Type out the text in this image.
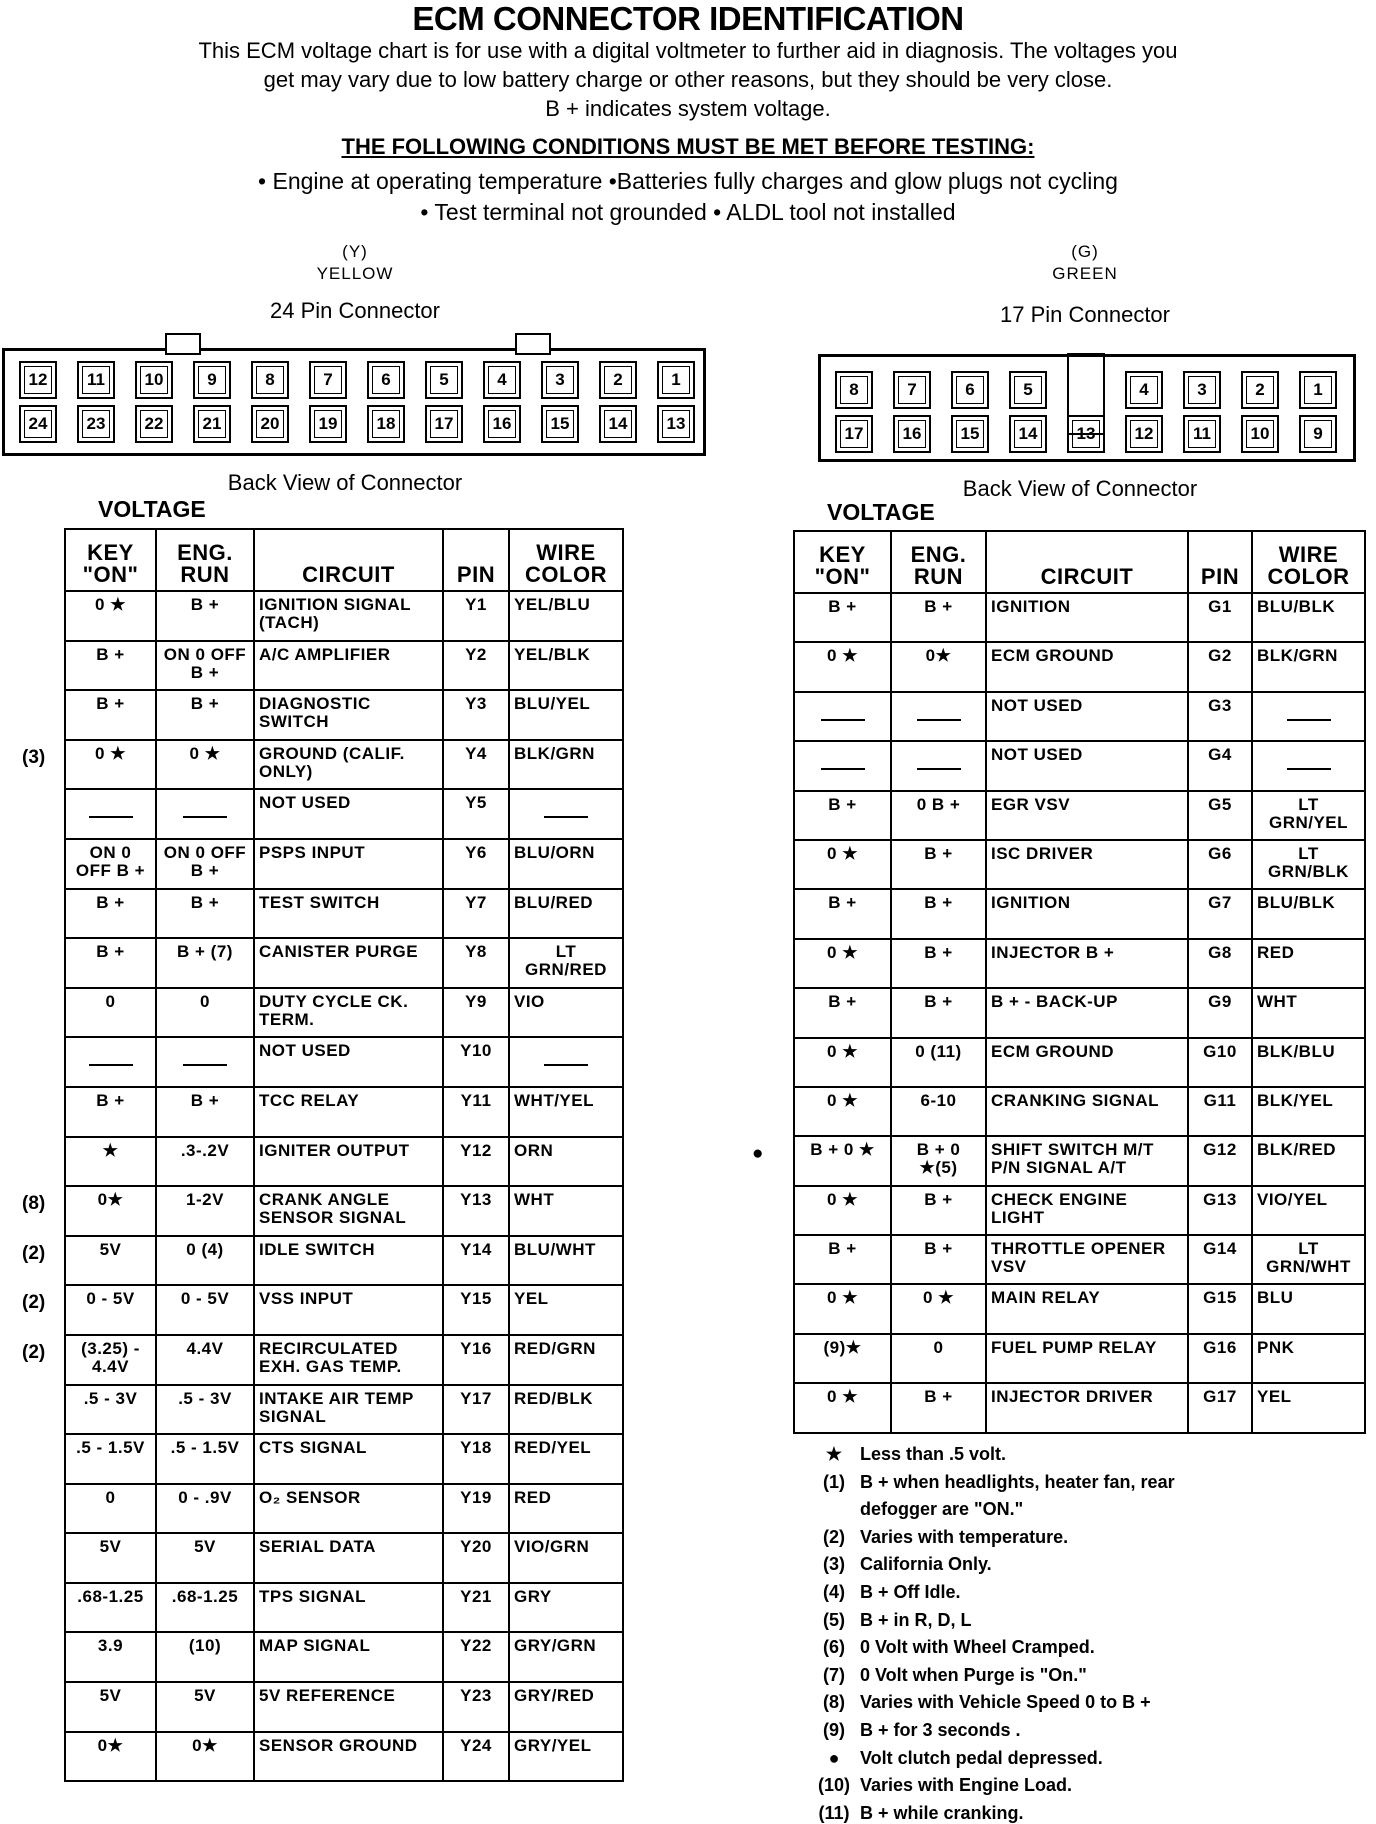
ECM CONNECTOR IDENTIFICATION
This ECM voltage chart is for use with a digital voltmeter to further aid in diagnosis. The voltages you
get may vary due to low battery charge or other reasons, but they should be very close.
B + indicates system voltage.
THE FOLLOWING CONDITIONS MUST BE MET BEFORE TESTING:
• Engine at operating temperature •Batteries fully charges and glow plugs not cycling
• Test terminal not grounded • ALDL tool not installed
(Y)
YELLOW
24 Pin Connector
12	11	10	9	8	7	6	5	4	3	2	1
24	23	22	21	20	19	18	17	16	15	14	13
Back View of Connector
VOLTAGE
(G)
GREEN
17 Pin Connector
8	7	6	5	4	3	2	1
17	16	15	14	13	12	11	10	9
Back View of Connector
VOLTAGE
KEY "ON"	ENG. RUN	CIRCUIT	PIN	WIRE COLOR
0 ★	B +	IGNITION SIGNAL (TACH)	Y1	YEL/BLU
B +	ON 0 OFF B +	A/C AMPLIFIER	Y2	YEL/BLK
B +	B +	DIAGNOSTIC SWITCH	Y3	BLU/YEL
0 ★	0 ★	GROUND (CALIF. ONLY)	Y4	BLK/GRN
		NOT USED	Y5	
ON 0 OFF B +	ON 0 OFF B +	PSPS INPUT	Y6	BLU/ORN
B +	B +	TEST SWITCH	Y7	BLU/RED
B +	B + (7)	CANISTER PURGE	Y8	LT GRN/RED
0	0	DUTY CYCLE CK. TERM.	Y9	VIO
		NOT USED	Y10	
B +	B +	TCC RELAY	Y11	WHT/YEL
★	.3-.2V	IGNITER OUTPUT	Y12	ORN
0★	1-2V	CRANK ANGLE SENSOR SIGNAL	Y13	WHT
5V	0 (4)	IDLE SWITCH	Y14	BLU/WHT
0 - 5V	0 - 5V	VSS INPUT	Y15	YEL
(3.25) - 4.4V	4.4V	RECIRCULATED EXH. GAS TEMP.	Y16	RED/GRN
.5 - 3V	.5 - 3V	INTAKE AIR TEMP SIGNAL	Y17	RED/BLK
.5 - 1.5V	.5 - 1.5V	CTS SIGNAL	Y18	RED/YEL
0	0 - .9V	O₂ SENSOR	Y19	RED
5V	5V	SERIAL DATA	Y20	VIO/GRN
.68-1.25	.68-1.25	TPS SIGNAL	Y21	GRY
3.9	(10)	MAP SIGNAL	Y22	GRY/GRN
5V	5V	5V REFERENCE	Y23	GRY/RED
0★	0★	SENSOR GROUND	Y24	GRY/YEL
KEY "ON"	ENG. RUN	CIRCUIT	PIN	WIRE COLOR
B +	B +	IGNITION	G1	BLU/BLK
0 ★	0★	ECM GROUND	G2	BLK/GRN
		NOT USED	G3	
		NOT USED	G4	
B +	0 B +	EGR VSV	G5	LT GRN/YEL
0 ★	B +	ISC DRIVER	G6	LT GRN/BLK
B +	B +	IGNITION	G7	BLU/BLK
0 ★	B +	INJECTOR B +	G8	RED
B +	B +	B + - BACK-UP	G9	WHT
0 ★	0 (11)	ECM GROUND	G10	BLK/BLU
0 ★	6-10	CRANKING SIGNAL	G11	BLK/YEL
B + 0 ★	B + 0 ★(5)	SHIFT SWITCH M/T P/N SIGNAL A/T	G12	BLK/RED
0 ★	B +	CHECK ENGINE LIGHT	G13	VIO/YEL
B +	B +	THROTTLE OPENER VSV	G14	LT GRN/WHT
0 ★	0 ★	MAIN RELAY	G15	BLU
(9)★	0	FUEL PUMP RELAY	G16	PNK
0 ★	B +	INJECTOR DRIVER	G17	YEL
(3)
(8)
(2)
(2)
(2)
●
★ Less than .5 volt.
(1) B + when headlights, heater fan, rear
defogger are "ON."
(2) Varies with temperature.
(3) California Only.
(4) B + Off Idle.
(5) B + in R, D, L
(6) 0 Volt with Wheel Cramped.
(7) 0 Volt when Purge is "On."
(8) Varies with Vehicle Speed 0 to B +
(9) B + for 3 seconds .
● Volt clutch pedal depressed.
(10) Varies with Engine Load.
(11) B + while cranking.
